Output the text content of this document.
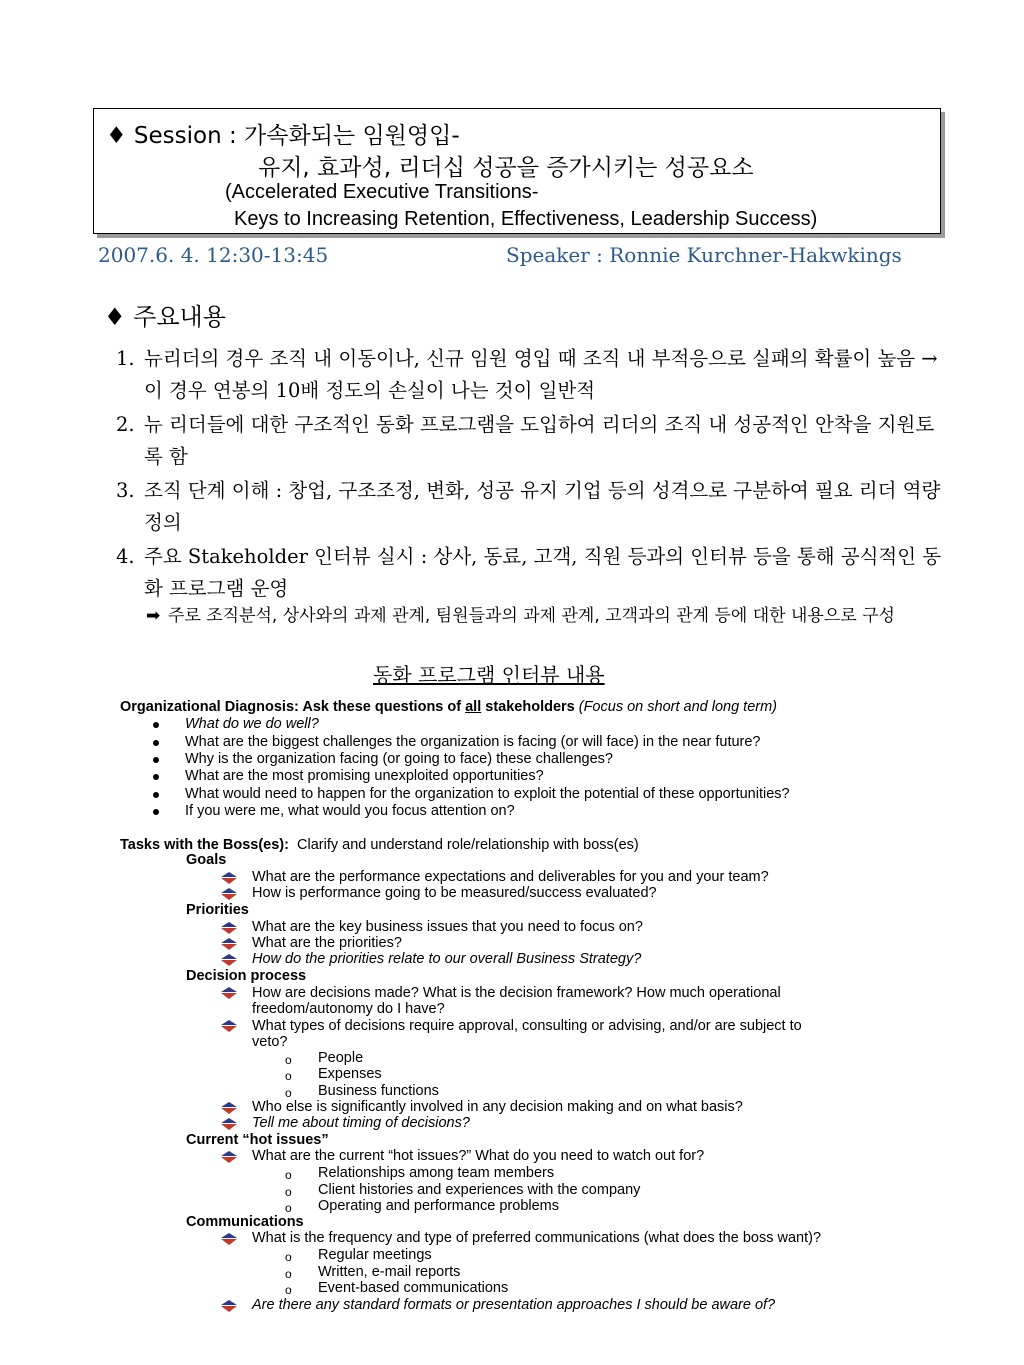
♦ Session : 가속화되는 임원영입-
유지, 효과성, 리더십 성공을 증가시키는 성공요소
(Accelerated Executive Transitions-
Keys to Increasing Retention, Effectiveness, Leadership Success)
2007.6. 4. 12:30-13:45	Speaker : Ronnie Kurchner-Hakwkings
♦ 주요내용
1. 뉴리더의 경우 조직 내 이동이나, 신규 임원 영입 때 조직 내 부적응으로 실패의 확률이 높음 → 이 경우 연봉의 10배 정도의 손실이 나는 것이 일반적
2. 뉴 리더들에 대한 구조적인 동화 프로그램을 도입하여 리더의 조직 내 성공적인 안착을 지원토록 함
3. 조직 단계 이해 : 창업, 구조조정, 변화, 성공 유지 기업 등의 성격으로 구분하여 필요 리더 역량 정의
4. 주요 Stakeholder 인터뷰 실시 : 상사, 동료, 고객, 직원 등과의 인터뷰 등을 통해 공식적인 동화 프로그램 운영
➡ 주로 조직분석, 상사와의 과제 관계, 팀원들과의 과제 관계, 고객과의 관계 등에 대한 내용으로 구성
동화 프로그램 인터뷰 내용
Organizational Diagnosis: Ask these questions of all stakeholders (Focus on short and long term)
What do we do well?
What are the biggest challenges the organization is facing (or will face) in the near future?
Why is the organization facing (or going to face) these challenges?
What are the most promising unexploited opportunities?
What would need to happen for the organization to exploit the potential of these opportunities?
If you were me, what would you focus attention on?
Tasks with the Boss(es): Clarify and understand role/relationship with boss(es)
Goals
What are the performance expectations and deliverables for you and your team?
How is performance going to be measured/success evaluated?
Priorities
What are the key business issues that you need to focus on?
What are the priorities?
How do the priorities relate to our overall Business Strategy?
Decision process
How are decisions made? What is the decision framework? How much operational
freedom/autonomy do I have?
What types of decisions require approval, consulting or advising, and/or are subject to
veto?
o People
o Expenses
o Business functions
Who else is significantly involved in any decision making and on what basis?
Tell me about timing of decisions?
Current “hot issues”
What are the current “hot issues?” What do you need to watch out for?
o Relationships among team members
o Client histories and experiences with the company
o Operating and performance problems
Communications
What is the frequency and type of preferred communications (what does the boss want)?
o Regular meetings
o Written, e-mail reports
o Event-based communications
Are there any standard formats or presentation approaches I should be aware of?
